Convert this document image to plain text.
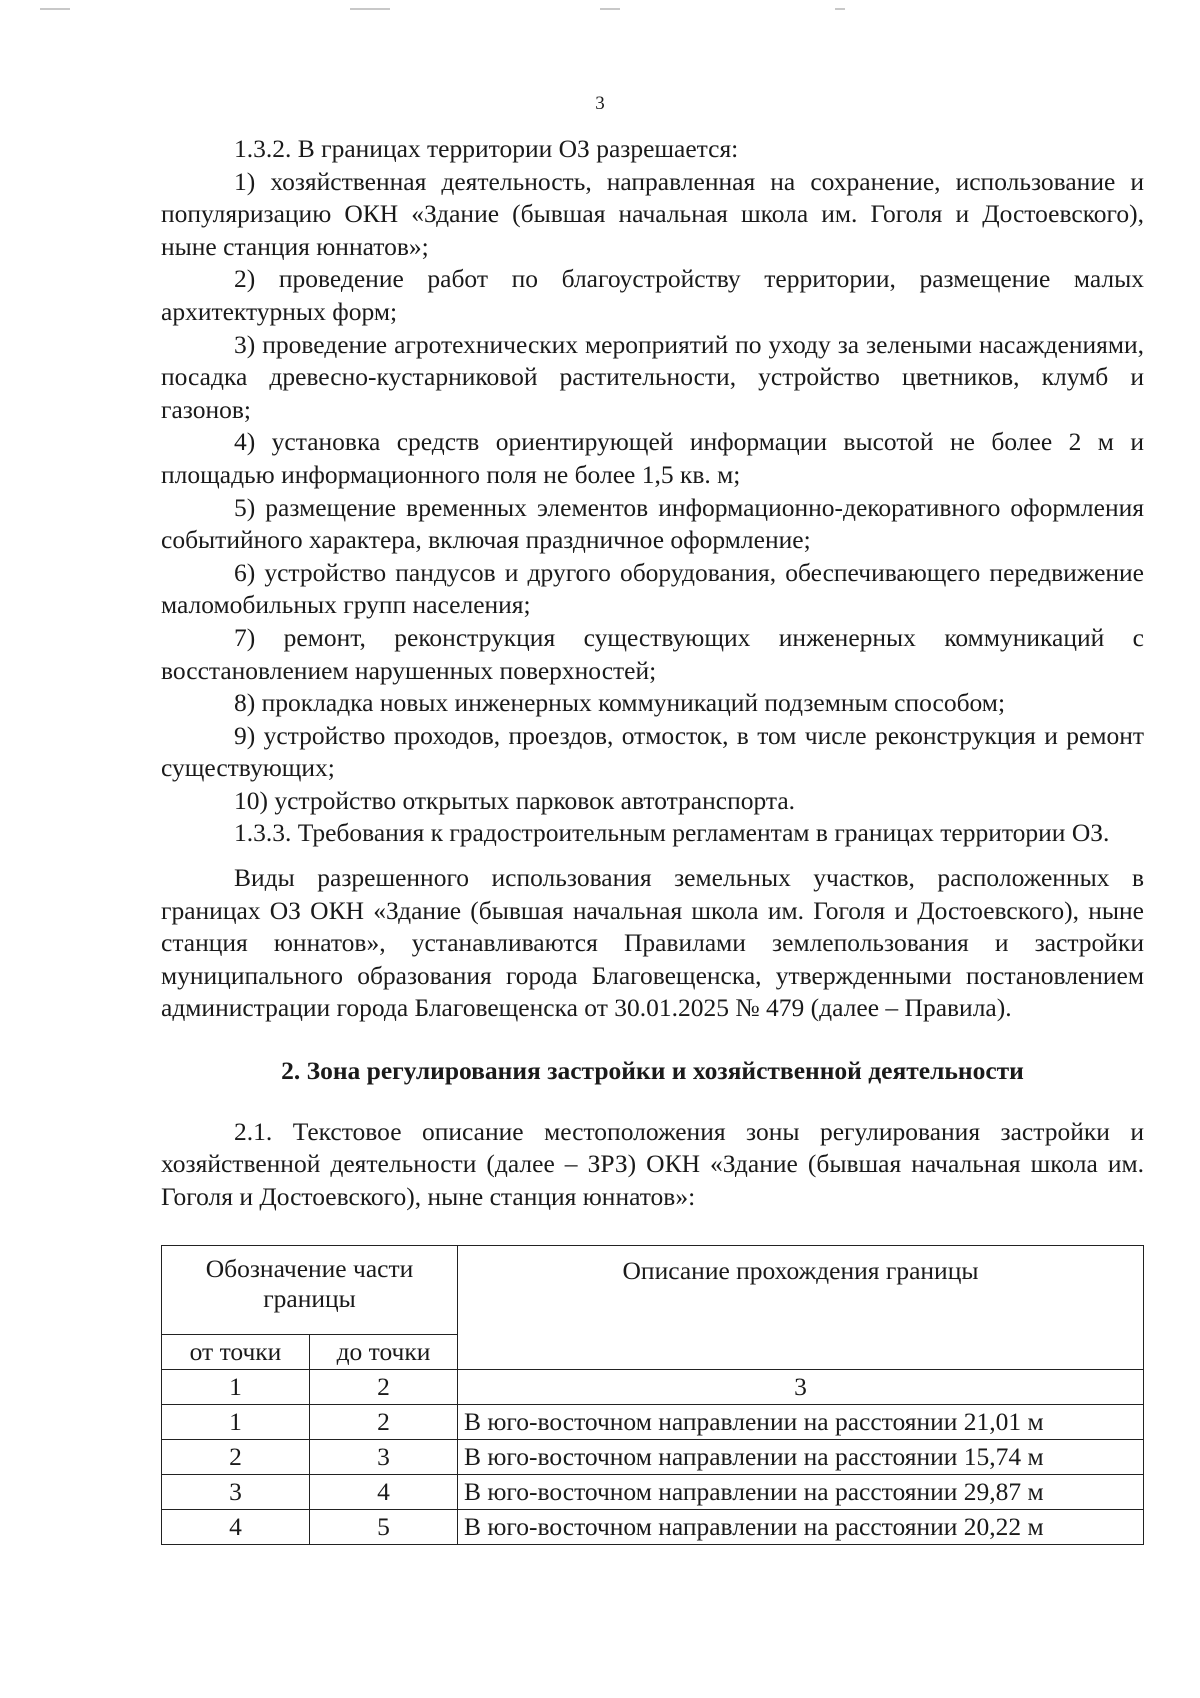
3

1.3.2. В границах территории ОЗ разрешается:

1) хозяйственная деятельность, направленная на сохранение, использование и популяризацию ОКН «Здание (бывшая начальная школа им. Гоголя и Достоевского), ныне станция юннатов»;

2) проведение работ по благоустройству территории, размещение малых архитектурных форм;

3) проведение агротехнических мероприятий по уходу за зелеными насаждениями, посадка древесно-кустарниковой растительности, устройство цветников, клумб и газонов;

4) установка средств ориентирующей информации высотой не более 2 м и площадью информационного поля не более 1,5 кв. м;

5) размещение временных элементов информационно-декоративного оформления событийного характера, включая праздничное оформление;

6) устройство пандусов и другого оборудования, обеспечивающего передвижение маломобильных групп населения;

7) ремонт, реконструкция существующих инженерных коммуникаций с восстановлением нарушенных поверхностей;

8) прокладка новых инженерных коммуникаций подземным способом;

9) устройство проходов, проездов, отмосток, в том числе реконструкция и ремонт существующих;

10) устройство открытых парковок автотранспорта.

1.3.3. Требования к градостроительным регламентам в границах территории ОЗ.

Виды разрешенного использования земельных участков, расположенных в границах ОЗ ОКН «Здание (бывшая начальная школа им. Гоголя и Достоевского), ныне станция юннатов», устанавливаются Правилами землепользования и застройки муниципального образования города Благовещенска, утвержденными постановлением администрации города Благовещенска от 30.01.2025 № 479 (далее – Правила).

2. Зона регулирования застройки и хозяйственной деятельности

2.1. Текстовое описание местоположения зоны регулирования застройки и хозяйственной деятельности (далее – ЗРЗ) ОКН «Здание (бывшая начальная школа им. Гоголя и Достоевского), ныне станция юннатов»:

Обозначение части границы		Описание прохождения границы
от точки	до точки	
1	2	3
1	2	В юго-восточном направлении на расстоянии 21,01 м
2	3	В юго-восточном направлении на расстоянии 15,74 м
3	4	В юго-восточном направлении на расстоянии 29,87 м
4	5	В юго-восточном направлении на расстоянии 20,22 м
